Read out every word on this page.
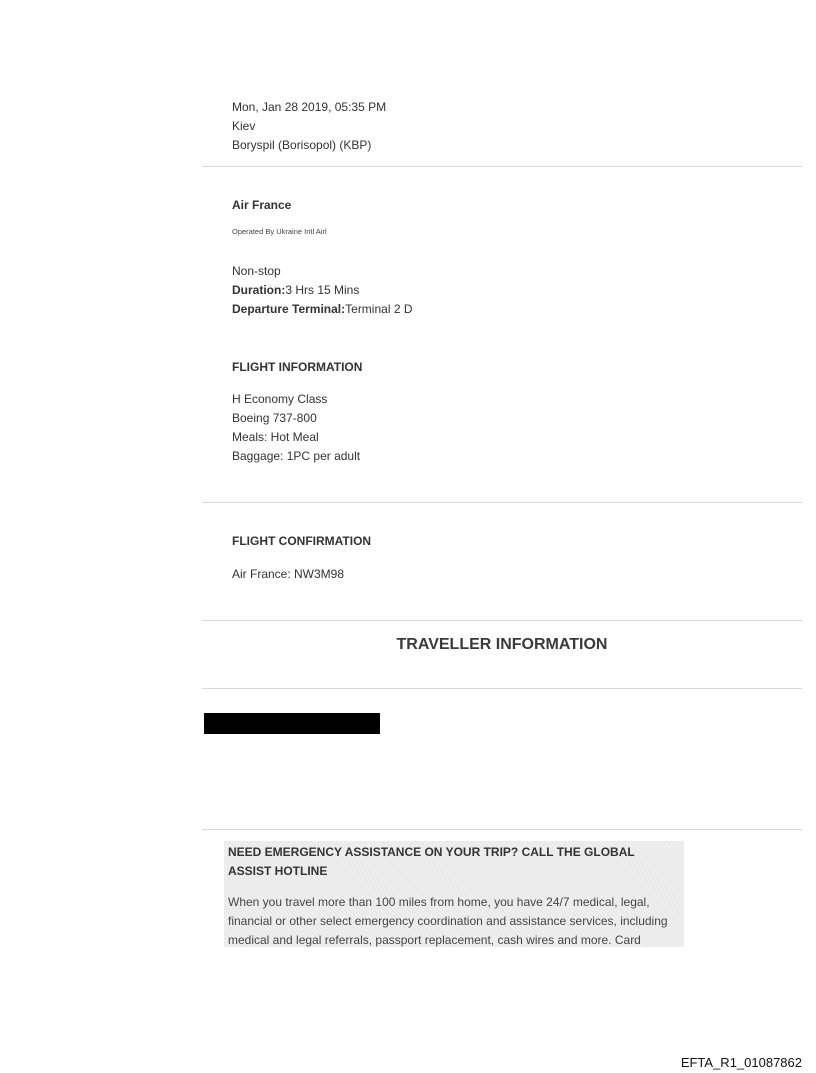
Mon, Jan 28 2019, 05:35 PM
Kiev
Boryspil (Borisopol) (KBP)
Air France
Operated By Ukraine Intl Airl
Non-stop
Duration:3 Hrs 15 Mins
Departure Terminal:Terminal 2 D
FLIGHT INFORMATION
H Economy Class
Boeing 737-800
Meals: Hot Meal
Baggage: 1PC per adult
FLIGHT CONFIRMATION
Air France: NW3M98
TRAVELLER INFORMATION
NEED EMERGENCY ASSISTANCE ON YOUR TRIP? CALL THE GLOBAL ASSIST HOTLINE
When you travel more than 100 miles from home, you have 24/7 medical, legal, financial or other select emergency coordination and assistance services, including medical and legal referrals, passport replacement, cash wires and more. Card
EFTA_R1_01087862
